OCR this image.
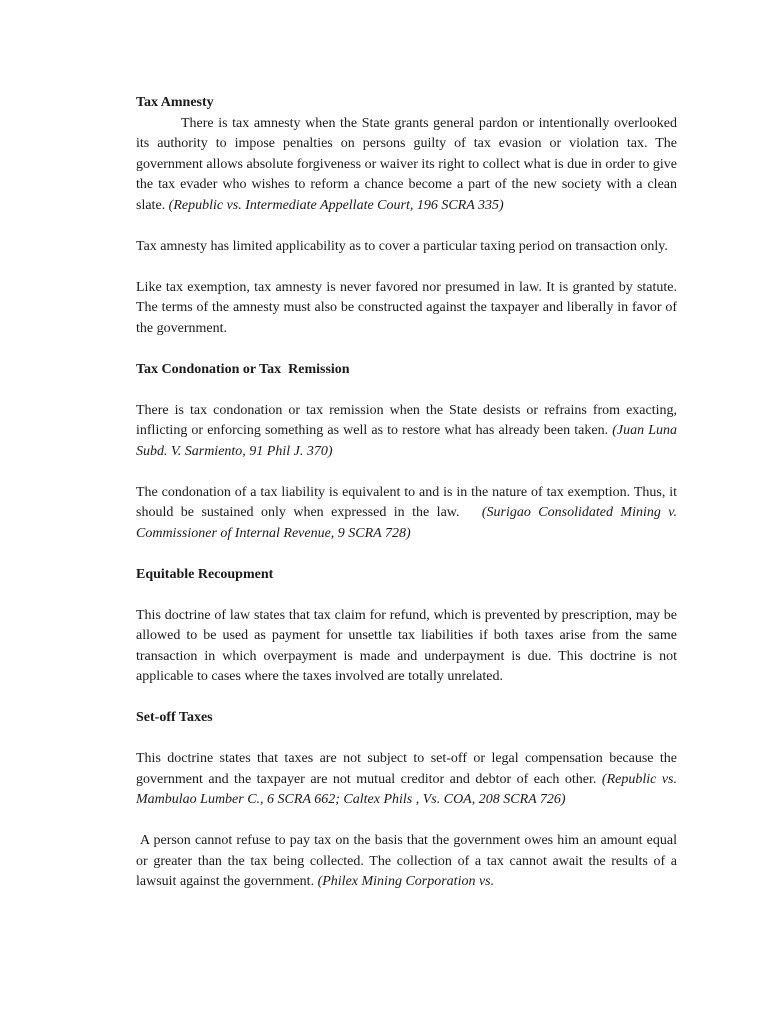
Tax Amnesty

There is tax amnesty when the State grants general pardon or intentionally overlooked its authority to impose penalties on persons guilty of tax evasion or violation tax. The government allows absolute forgiveness or waiver its right to collect what is due in order to give the tax evader who wishes to reform a chance become a part of the new society with a clean slate. (Republic vs. Intermediate Appellate Court, 196 SCRA 335)

Tax amnesty has limited applicability as to cover a particular taxing period on transaction only.

Like tax exemption, tax amnesty is never favored nor presumed in law. It is granted by statute. The terms of the amnesty must also be constructed against the taxpayer and liberally in favor of the government.

Tax Condonation or Tax  Remission

There is tax condonation or tax remission when the State desists or refrains from exacting, inflicting or enforcing something as well as to restore what has already been taken. (Juan Luna Subd. V. Sarmiento, 91 Phil J. 370)

The condonation of a tax liability is equivalent to and is in the nature of tax exemption. Thus, it should be sustained only when expressed in the law. (Surigao Consolidated Mining v. Commissioner of Internal Revenue, 9 SCRA 728)

Equitable Recoupment

This doctrine of law states that tax claim for refund, which is prevented by prescription, may be allowed to be used as payment for unsettle tax liabilities if both taxes arise from the same transaction in which overpayment is made and underpayment is due. This doctrine is not applicable to cases where the taxes involved are totally unrelated.

Set-off Taxes

This doctrine states that taxes are not subject to set-off or legal compensation because the government and the taxpayer are not mutual creditor and debtor of each other. (Republic vs. Mambulao Lumber C., 6 SCRA 662; Caltex Phils , Vs. COA, 208 SCRA 726)

A person cannot refuse to pay tax on the basis that the government owes him an amount equal or greater than the tax being collected. The collection of a tax cannot await the results of a lawsuit against the government. (Philex Mining Corporation vs.
